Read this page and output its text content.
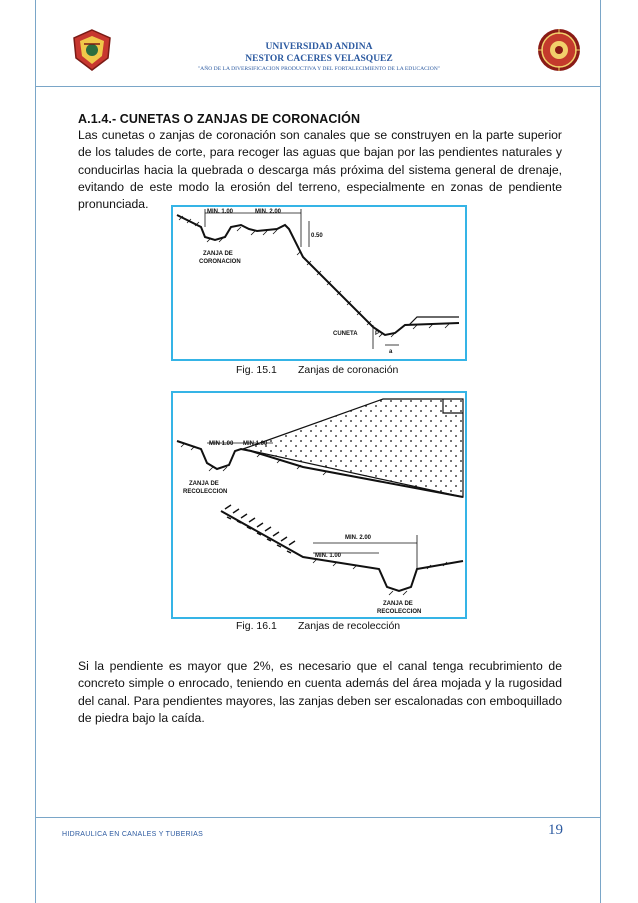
UNIVERSIDAD ANDINA
NESTOR CACERES VELASQUEZ
"AÑO DE LA DIVERSIFICACION PRODUCTIVA Y DEL FORTALECIMIENTO DE LA EDUCACION"
A.1.4.- CUNETAS O ZANJAS DE CORONACIÓN
Las cunetas o zanjas de coronación son canales que se construyen en la parte superior de los taludes de corte, para recoger las aguas que bajan por las pendientes naturales y conducirlas hacia la quebrada o descarga más próxima del sistema general de drenaje, evitando de este modo la erosión del terreno, especialmente en zonas de pendiente pronunciada.
MIN. 1.00	MIN. 2.00
ZANJA DE
CORONACION
0.50
CUNETA	P
a
Fig. 15.1 Zanjas de coronación
MIN 1.00 MIN 1.00
ZANJA DE
RECOLECCION
MIN. 2.00
MIN. 1.00
ZANJA DE
RECOLECCION
Fig. 16.1 Zanjas de recolección
Si la pendiente es mayor que 2%, es necesario que el canal tenga recubrimiento de concreto simple o enrocado, teniendo en cuenta además del área mojada y la rugosidad del canal. Para pendientes mayores, las zanjas deben ser escalonadas con emboquillado de piedra bajo la caída.
HIDRAULICA EN CANALES Y TUBERIAS	19
